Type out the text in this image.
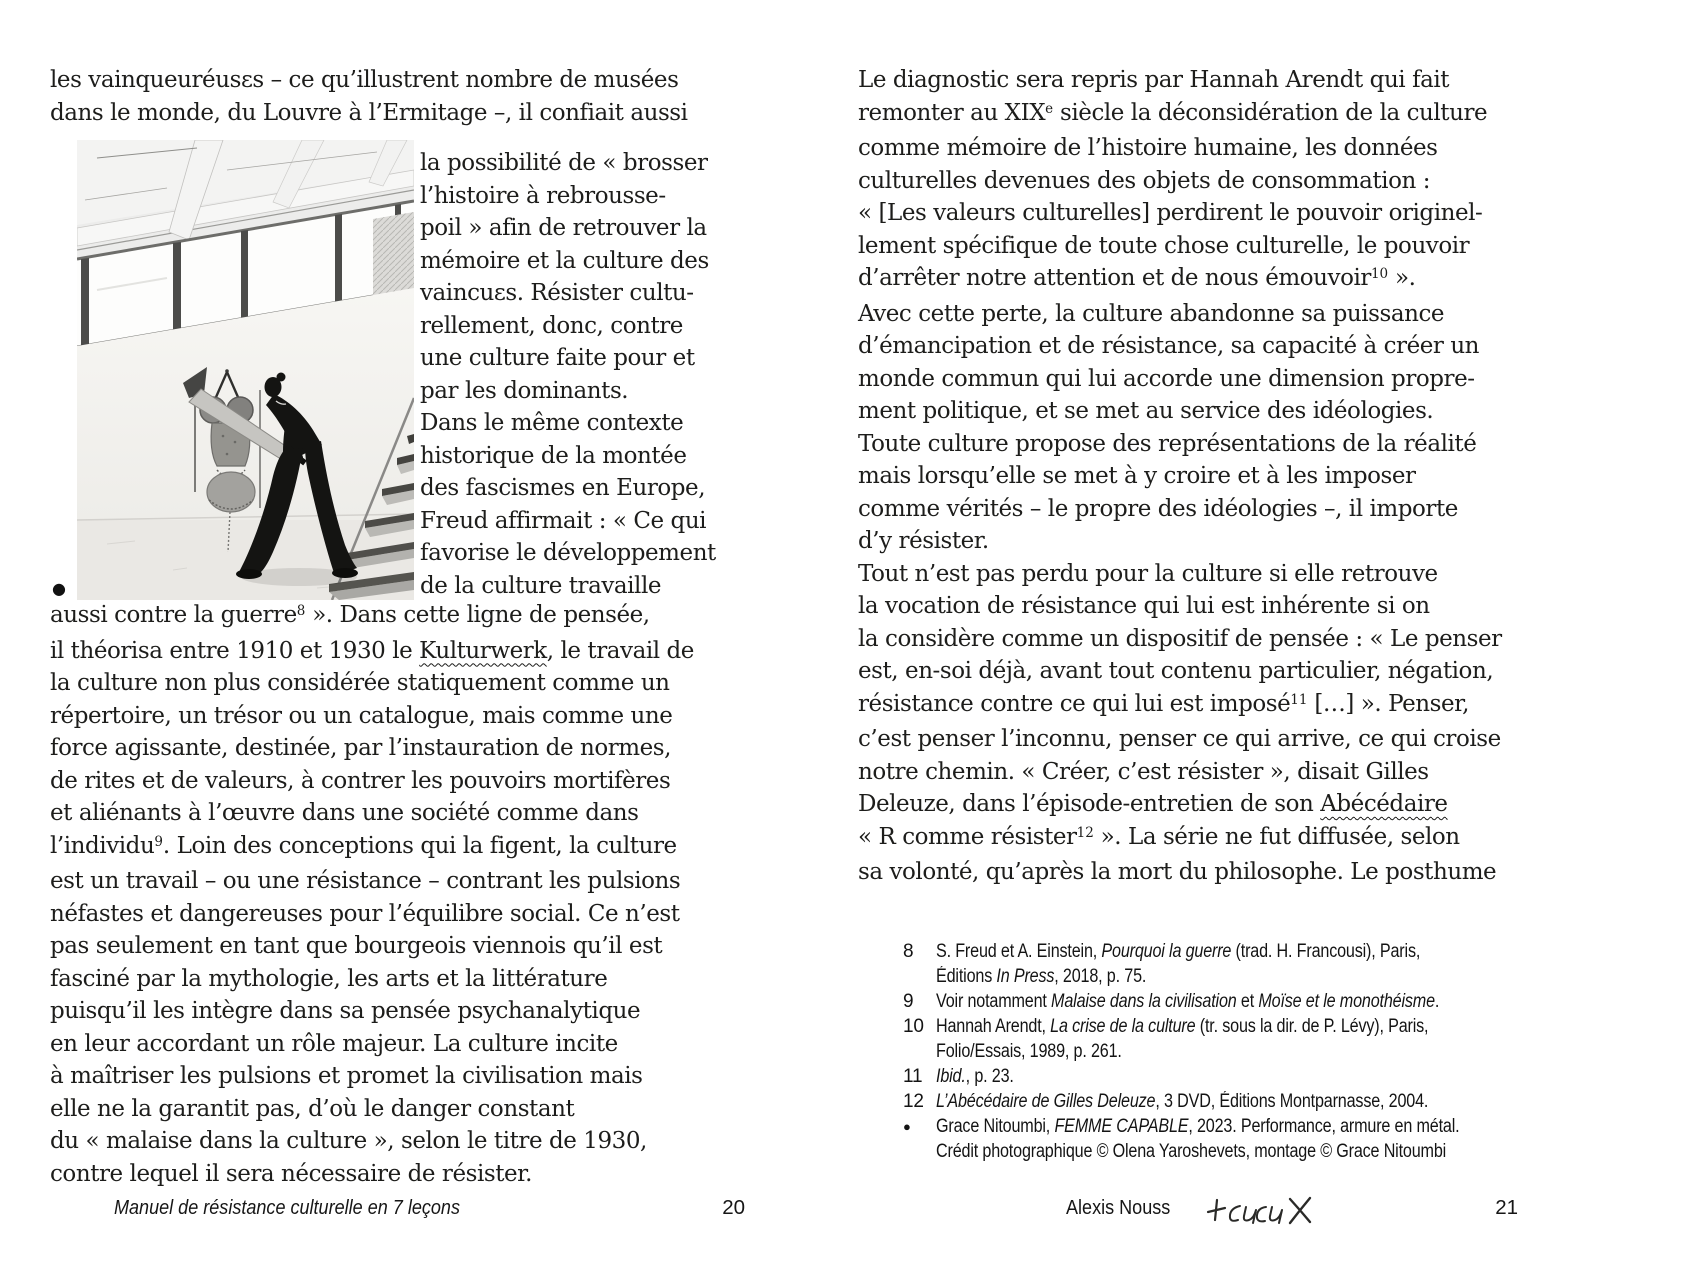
les vainqueuréusɛs – ce qu’illustrent nombre de musées
dans le monde, du Louvre à l’Ermitage –, il confiait aussi
●
la possibilité de « brosser
l’histoire à rebrousse-
poil » afin de retrouver la
mémoire et la culture des
vaincuɛs. Résister cultu-
rellement, donc, contre
une culture faite pour et
par les dominants.
Dans le même contexte
historique de la montée
des fascismes en Europe,
Freud affirmait : « Ce qui
favorise le développement
de la culture travaille
aussi contre la guerre$^8$ ». Dans cette ligne de pensée,
il théorisa entre 1910 et 1930 le Kulturwerk, le travail de
la culture non plus considérée statiquement comme un
répertoire, un trésor ou un catalogue, mais comme une
force agissante, destinée, par l’instauration de normes,
de rites et de valeurs, à contrer les pouvoirs mortifères
et aliénants à l’œuvre dans une société comme dans
l’individu$^9$. Loin des conceptions qui la figent, la culture
est un travail – ou une résistance – contrant les pulsions
néfastes et dangereuses pour l’équilibre social. Ce n’est
pas seulement en tant que bourgeois viennois qu’il est
fasciné par la mythologie, les arts et la littérature
puisqu’il les intègre dans sa pensée psychanalytique
en leur accordant un rôle majeur. La culture incite
à maîtriser les pulsions et promet la civilisation mais
elle ne la garantit pas, d’où le danger constant
du « malaise dans la culture », selon le titre de 1930,
contre lequel il sera nécessaire de résister.
Manuel de résistance culturelle en 7 leçons	20
Le diagnostic sera repris par Hannah Arendt qui fait
remonter au XIXe siècle la déconsidération de la culture
comme mémoire de l’histoire humaine, les données
culturelles devenues des objets de consommation :
« [Les valeurs culturelles] perdirent le pouvoir originel-
lement spécifique de toute chose culturelle, le pouvoir
d’arrêter notre attention et de nous émouvoir$^{10}$ ».
Avec cette perte, la culture abandonne sa puissance
d’émancipation et de résistance, sa capacité à créer un
monde commun qui lui accorde une dimension propre-
ment politique, et se met au service des idéologies.
Toute culture propose des représentations de la réalité
mais lorsqu’elle se met à y croire et à les imposer
comme vérités – le propre des idéologies –, il importe
d’y résister.
Tout n’est pas perdu pour la culture si elle retrouve
la vocation de résistance qui lui est inhérente si on
la considère comme un dispositif de pensée : « Le penser
est, en-soi déjà, avant tout contenu particulier, négation,
résistance contre ce qui lui est imposé$^{11}$ […] ». Penser,
c’est penser l’inconnu, penser ce qui arrive, ce qui croise
notre chemin. « Créer, c’est résister », disait Gilles
Deleuze, dans l’épisode-entretien de son Abécédaire
« R comme résister$^{12}$ ». La série ne fut diffusée, selon
sa volonté, qu’après la mort du philosophe. Le posthume
8 S. Freud et A. Einstein, Pourquoi la guerre (trad. H. Francousi), Paris,
Éditions In Press, 2018, p. 75.
9 Voir notamment Malaise dans la civilisation et Moïse et le monothéisme.
10 Hannah Arendt, La crise de la culture (tr. sous la dir. de P. Lévy), Paris,
Folio/Essais, 1989, p. 261.
11 Ibid., p. 23.
12 L’Abécédaire de Gilles Deleuze, 3 DVD, Éditions Montparnasse, 2004.
● Grace Nitoumbi, FEMME CAPABLE, 2023. Performance, armure en métal.
Crédit photographique © Olena Yaroshevets, montage © Grace Nitoumbi
Alexis Nouss	21
